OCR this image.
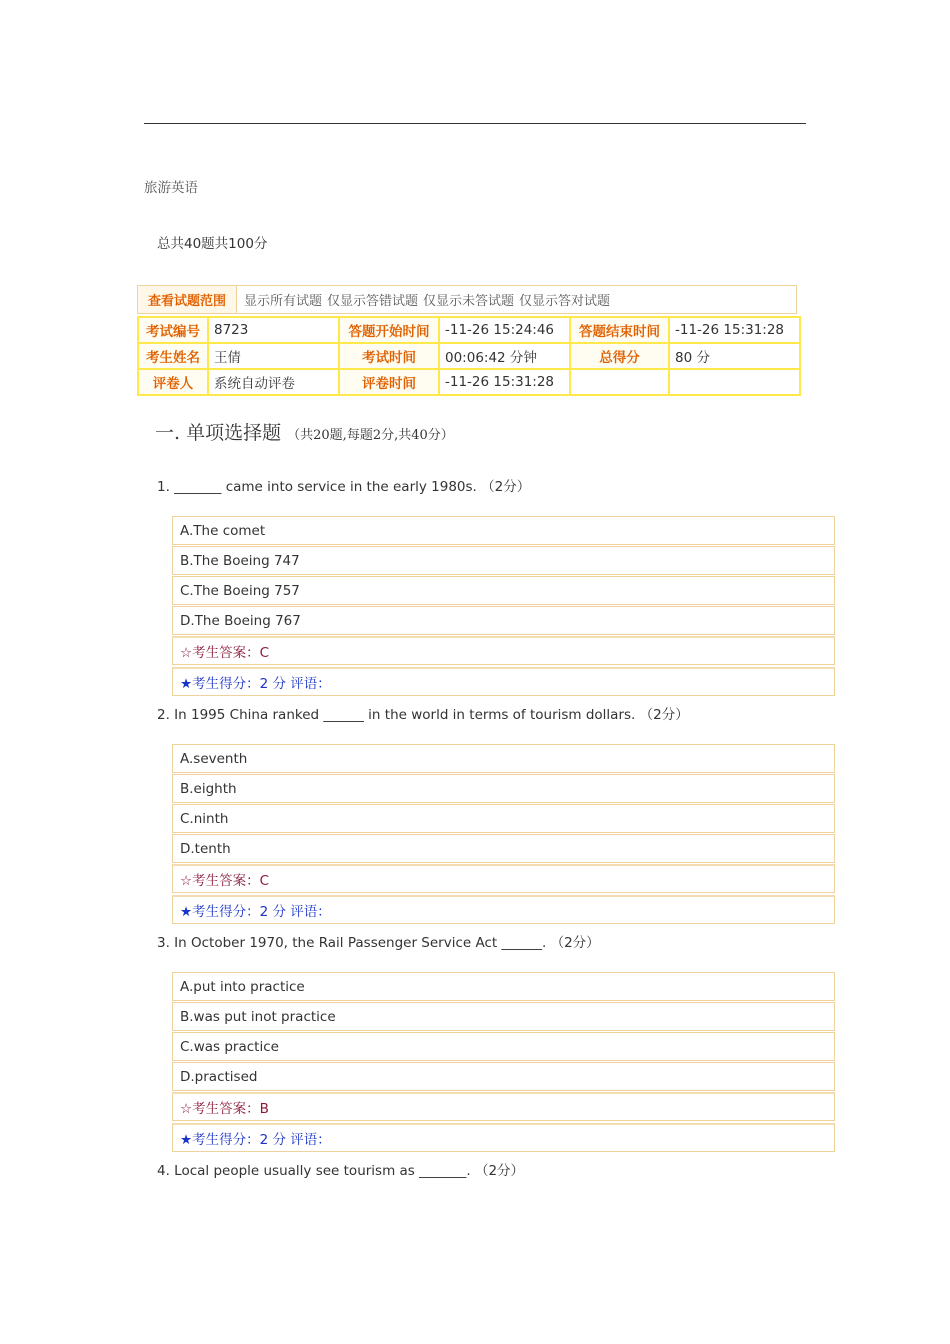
旅游英语
总共40题共100分
查看试题范围	显示所有试题 仅显示答错试题 仅显示未答试题 仅显示答对试题
考试编号	8723	答题开始时间	-11-26 15:24:46	答题结束时间	-11-26 15:31:28
考生姓名	王倩	考试时间	00:06:42 分钟	总得分	80 分
评卷人	系统自动评卷	评卷时间	-11-26 15:31:28		
一. 单项选择题 （共20题,每题2分,共40分）
1. _______ came into service in the early 1980s. （2分）
A.The comet
B.The Boeing 747
C.The Boeing 757
D.The Boeing 767
☆考生答案：C
★考生得分：2 分 评语：
2. In 1995 China ranked ______ in the world in terms of tourism dollars. （2分）
A.seventh
B.eighth
C.ninth
D.tenth
☆考生答案：C
★考生得分：2 分 评语：
3. In October 1970, the Rail Passenger Service Act ______. （2分）
A.put into practice
B.was put inot practice
C.was practice
D.practised
☆考生答案：B
★考生得分：2 分 评语：
4. Local people usually see tourism as _______. （2分）
